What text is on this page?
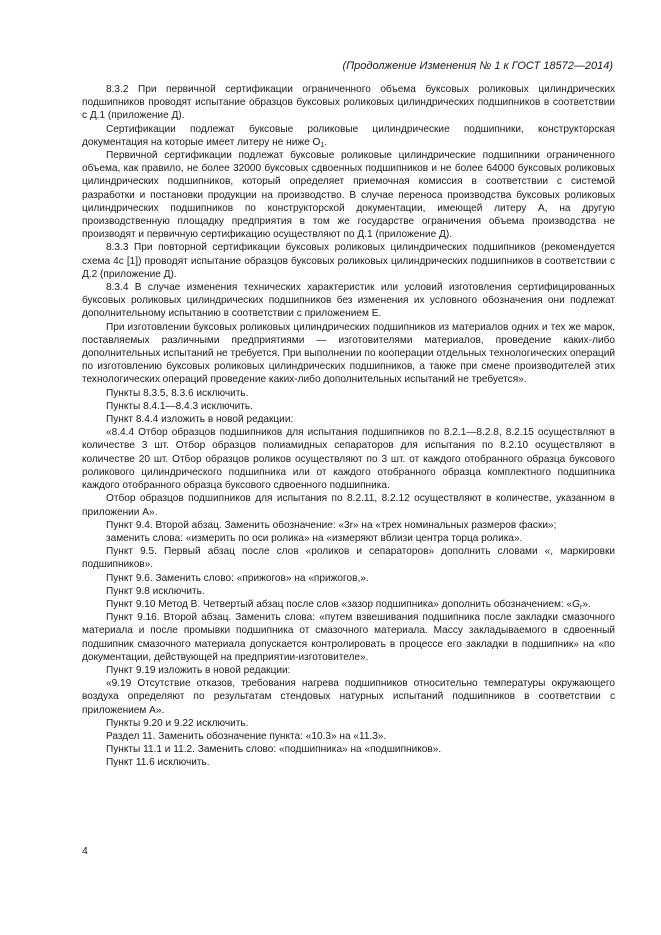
(Продолжение Изменения № 1 к ГОСТ 18572—2014)

8.3.2 При первичной сертификации ограниченного объема буксовых роликовых цилиндрических подшипников проводят испытание образцов буксовых роликовых цилиндрических подшипников в соответствии с Д.1 (приложение Д).

Сертификации подлежат буксовые роликовые цилиндрические подшипники, конструкторская документация на которые имеет литеру не ниже $О_1$.

Первичной сертификации подлежат буксовые роликовые цилиндрические подшипники ограниченного объема, как правило, не более 32000 буксовых сдвоенных подшипников и не более 64000 буксовых роликовых цилиндрических подшипников, который определяет приемочная комиссия в соответствии с системой разработки и постановки продукции на производство. В случае переноса производства буксовых роликовых цилиндрических подшипников по конструкторской документации, имеющей литеру А, на другую производственную площадку предприятия в том же государстве ограничения объема производства не производят и первичную сертификацию осуществляют по Д.1 (приложение Д).

8.3.3 При повторной сертификации буксовых роликовых цилиндрических подшипников (рекомендуется схема 4с [1]) проводят испытание образцов буксовых роликовых цилиндрических подшипников в соответствии с Д.2 (приложение Д).

8.3.4 В случае изменения технических характеристик или условий изготовления сертифицированных буксовых роликовых цилиндрических подшипников без изменения их условного обозначения они подлежат дополнительному испытанию в соответствии с приложением Е.

При изготовлении буксовых роликовых цилиндрических подшипников из материалов одних и тех же марок, поставляемых различными предприятиями — изготовителями материалов, проведение каких-либо дополнительных испытаний не требуется. При выполнении по кооперации отдельных технологических операций по изготовлению буксовых роликовых цилиндрических подшипников, а также при смене производителей этих технологических операций проведение каких-либо дополнительных испытаний не требуется».

Пункты 8.3.5, 8.3.6 исключить.

Пункты 8.4.1—8.4.3 исключить.

Пункт 8.4.4 изложить в новой редакции:

«8.4.4 Отбор образцов подшипников для испытания подшипников по 8.2.1—8.2.8, 8.2.15 осуществляют в количестве 3 шт. Отбор образцов полиамидных сепараторов для испытания по 8.2.10 осуществляют в количестве 20 шт. Отбор образцов роликов осуществляют по 3 шт. от каждого отобранного образца буксового роликового цилиндрического подшипника или от каждого отобранного образца комплектного подшипника каждого отобранного образца буксового сдвоенного подшипника.

Отбор образцов подшипников для испытания по 8.2.11, 8.2.12 осуществляют в количестве, указанном в приложении А».

Пункт 9.4. Второй абзац. Заменить обозначение: «3r» на «трех номинальных размеров фаски»;

заменить слова: «измерить по оси ролика» на «измеряют вблизи центра торца ролика».

Пункт 9.5. Первый абзац после слов «роликов и сепараторов» дополнить словами «, маркировки подшипников».

Пункт 9.6. Заменить слово: «прижогов» на «прижогов,».

Пункт 9.8 исключить.

Пункт 9.10 Метод В. Четвертый абзац после слов «зазор подшипника» дополнить обозначением: «$G_r$».

Пункт 9.16. Второй абзац. Заменить слова: «путем взвешивания подшипника после закладки смазочного материала и после промывки подшипника от смазочного материала. Массу закладываемого в сдвоенный подшипник смазочного материала допускается контролировать в процессе его закладки в подшипник» на «по документации, действующей на предприятии-изготовителе».

Пункт 9.19 изложить в новой редакции:

«9.19 Отсутствие отказов, требования нагрева подшипников относительно температуры окружающего воздуха определяют по результатам стендовых натурных испытаний подшипников в соответствии с приложением А».

Пункты 9.20 и 9.22 исключить.

Раздел 11. Заменить обозначение пункта: «10.3» на «11.3».

Пункты 11.1 и 11.2. Заменить слово: «подшипника» на «подшипников».

Пункт 11.6 исключить.

4
